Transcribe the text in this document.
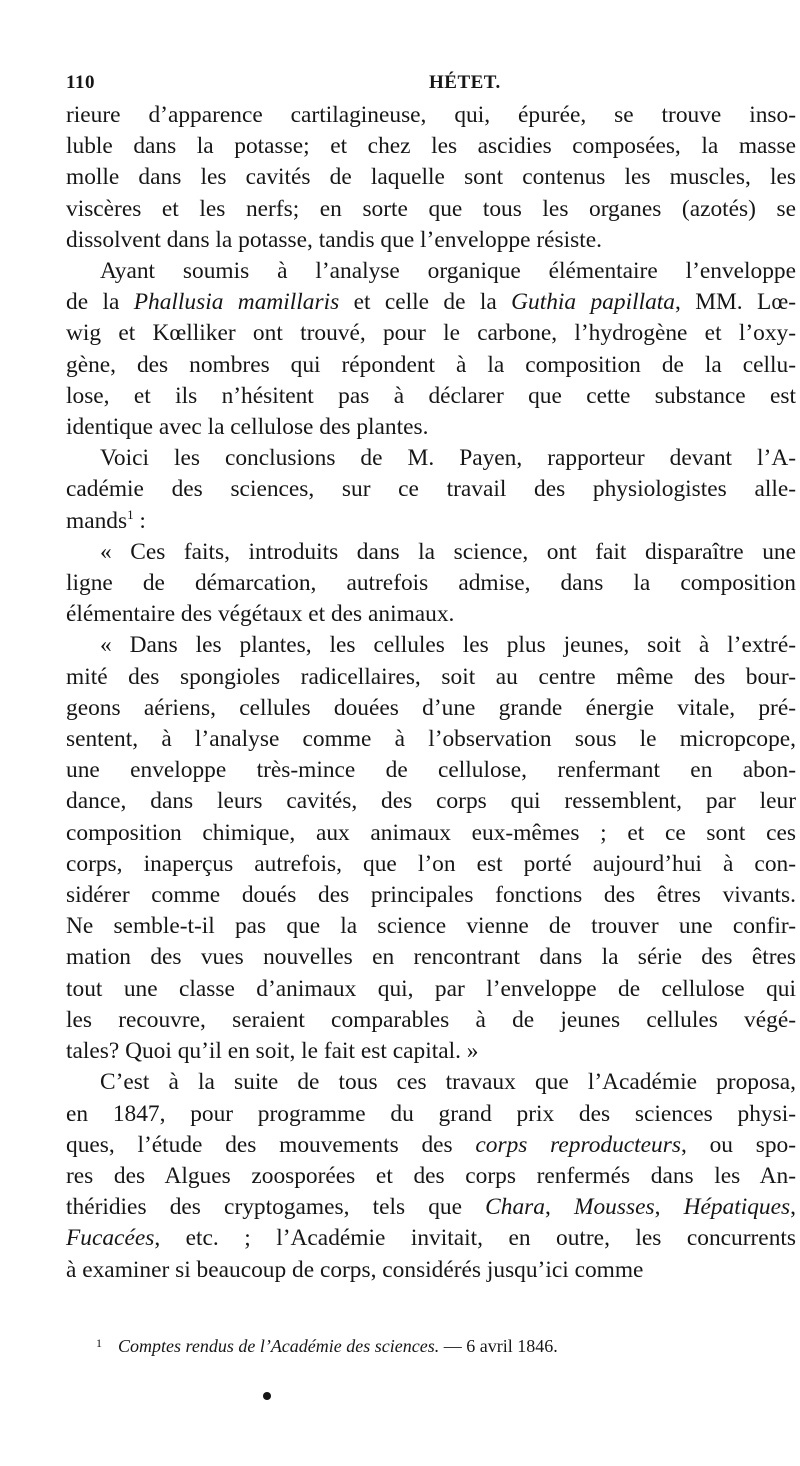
110	HÉTET.
rieure d’apparence cartilagineuse, qui, épurée, se trouve inso-
luble dans la potasse; et chez les ascidies composées, la masse
molle dans les cavités de laquelle sont contenus les muscles, les
viscères et les nerfs; en sorte que tous les organes (azotés) se
dissolvent dans la potasse, tandis que l’enveloppe résiste.
Ayant soumis à l’analyse organique élémentaire l’enveloppe
de la Phallusia mamillaris et celle de la Guthia papillata, MM. Lœ-
wig et Kœlliker ont trouvé, pour le carbone, l’hydrogène et l’oxy-
gène, des nombres qui répondent à la composition de la cellu-
lose, et ils n’hésitent pas à déclarer que cette substance est
identique avec la cellulose des plantes.
Voici les conclusions de M. Payen, rapporteur devant l’A-
cadémie des sciences, sur ce travail des physiologistes alle-
mands$^1$ :
« Ces faits, introduits dans la science, ont fait disparaître une
ligne de démarcation, autrefois admise, dans la composition
élémentaire des végétaux et des animaux.
« Dans les plantes, les cellules les plus jeunes, soit à l’extré-
mité des spongioles radicellaires, soit au centre même des bour-
geons aériens, cellules douées d’une grande énergie vitale, pré-
sentent, à l’analyse comme à l’observation sous le micropcope,
une enveloppe très-mince de cellulose, renfermant en abon-
dance, dans leurs cavités, des corps qui ressemblent, par leur
composition chimique, aux animaux eux-mêmes ; et ce sont ces
corps, inaperçus autrefois, que l’on est porté aujourd’hui à con-
sidérer comme doués des principales fonctions des êtres vivants.
Ne semble-t-il pas que la science vienne de trouver une confir-
mation des vues nouvelles en rencontrant dans la série des êtres
tout une classe d’animaux qui, par l’enveloppe de cellulose qui
les recouvre, seraient comparables à de jeunes cellules végé-
tales? Quoi qu’il en soit, le fait est capital. »
C’est à la suite de tous ces travaux que l’Académie proposa,
en 1847, pour programme du grand prix des sciences physi-
ques, l’étude des mouvements des corps reproducteurs, ou spo-
res des Algues zoosporées et des corps renfermés dans les An-
théridies des cryptogames, tels que Chara, Mousses, Hépatiques,
Fucacées, etc. ; l’Académie invitait, en outre, les concurrents
à examiner si beaucoup de corps, considérés jusqu’ici comme
$^1$ Comptes rendus de l’Académie des sciences. — 6 avril 1846.
